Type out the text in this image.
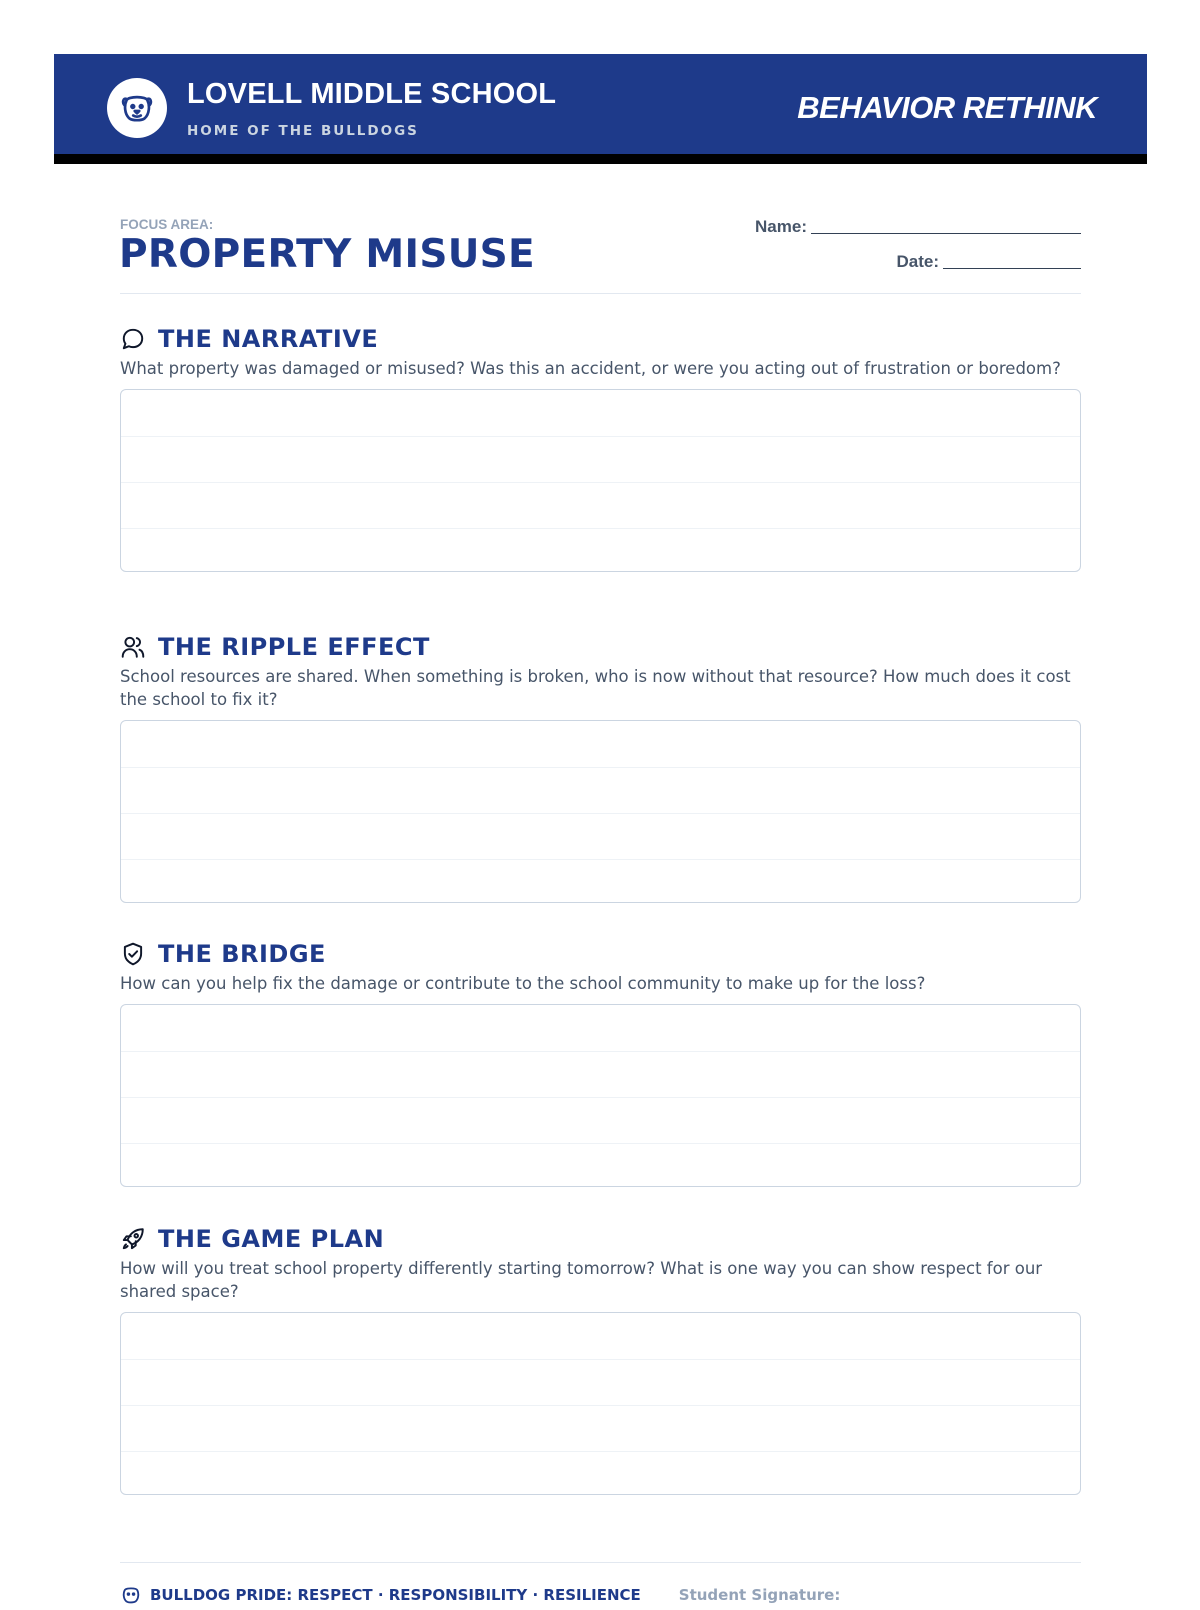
LOVELL MIDDLE SCHOOL
HOME OF THE BULLDOGS
BEHAVIOR RETHINK
FOCUS AREA:
PROPERTY MISUSE
Name:
Date:
THE NARRATIVE
What property was damaged or misused? Was this an accident, or were you acting out of frustration or boredom?
THE RIPPLE EFFECT
School resources are shared. When something is broken, who is now without that resource? How much does it cost the school to fix it?
THE BRIDGE
How can you help fix the damage or contribute to the school community to make up for the loss?
THE GAME PLAN
How will you treat school property differently starting tomorrow? What is one way you can show respect for our shared space?
BULLDOG PRIDE: RESPECT · RESPONSIBILITY · RESILIENCE	Student Signature:
